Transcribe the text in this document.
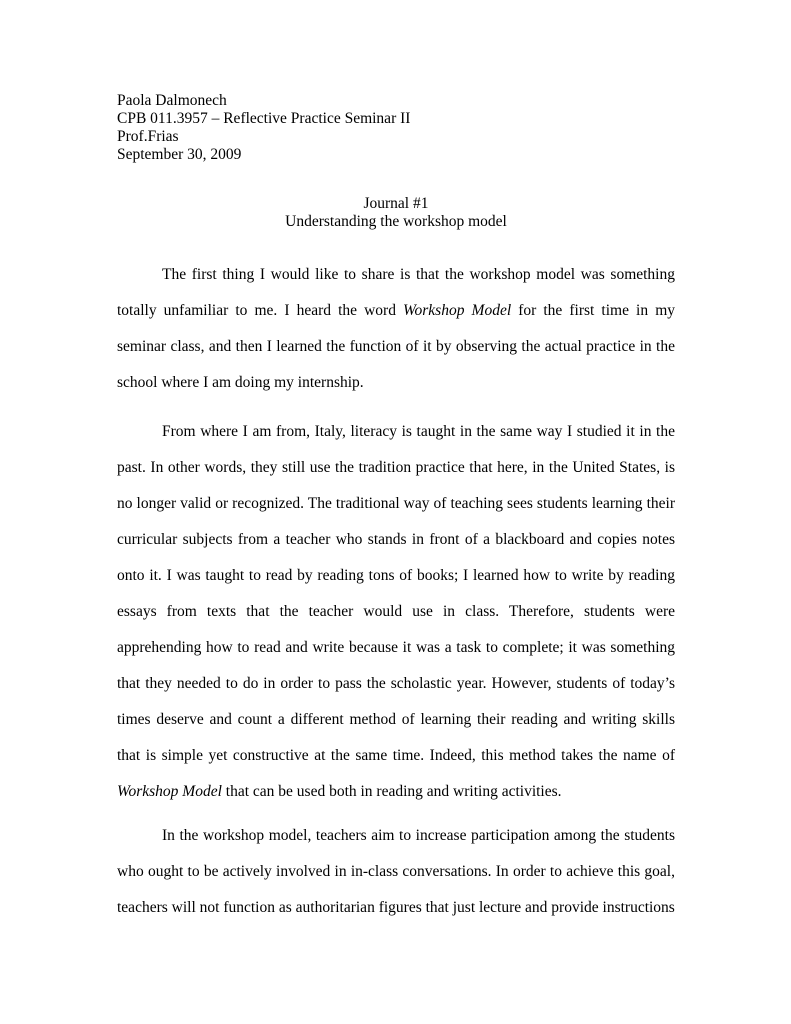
Paola Dalmonech
CPB 011.3957 – Reflective Practice Seminar II
Prof.Frias
September 30, 2009
Journal #1
Understanding the workshop model

The first thing I would like to share is that the workshop model was something totally unfamiliar to me. I heard the word Workshop Model for the first time in my seminar class, and then I learned the function of it by observing the actual practice in the school where I am doing my internship.

From where I am from, Italy, literacy is taught in the same way I studied it in the past. In other words, they still use the tradition practice that here, in the United States, is no longer valid or recognized. The traditional way of teaching sees students learning their curricular subjects from a teacher who stands in front of a blackboard and copies notes onto it. I was taught to read by reading tons of books; I learned how to write by reading essays from texts that the teacher would use in class. Therefore, students were apprehending how to read and write because it was a task to complete; it was something that they needed to do in order to pass the scholastic year. However, students of today’s times deserve and count a different method of learning their reading and writing skills that is simple yet constructive at the same time. Indeed, this method takes the name of Workshop Model that can be used both in reading and writing activities.

In the workshop model, teachers aim to increase participation among the students who ought to be actively involved in in-class conversations. In order to achieve this goal, teachers will not function as authoritarian figures that just lecture and provide instructions
